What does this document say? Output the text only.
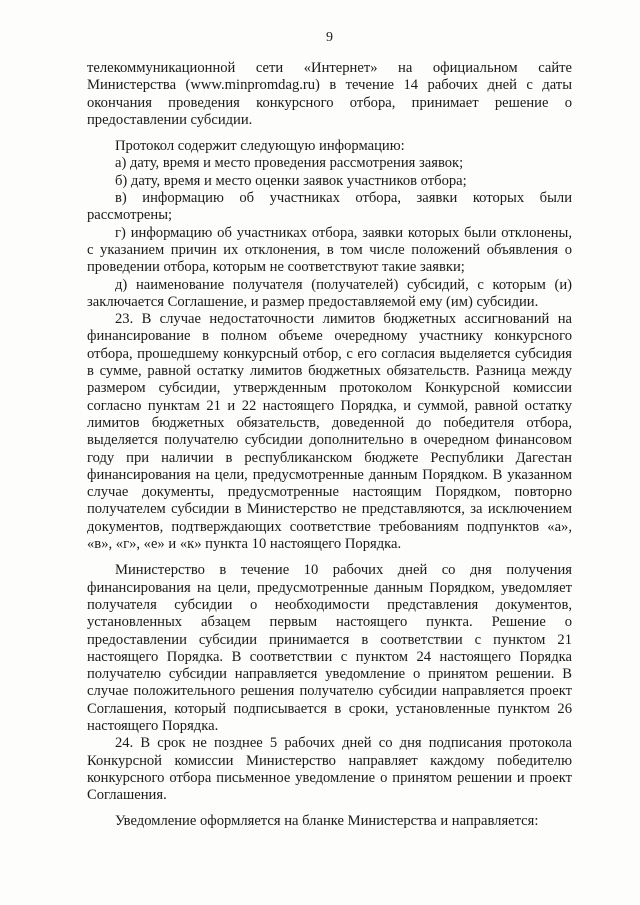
9

телекоммуникационной сети «Интернет» на официальном сайте Министерства (www.minpromdag.ru) в течение 14 рабочих дней с даты окончания проведения конкурсного отбора, принимает решение о предоставлении субсидии.

Протокол содержит следующую информацию:

а) дату, время и место проведения рассмотрения заявок;

б) дату, время и место оценки заявок участников отбора;

в) информацию об участниках отбора, заявки которых были рассмотрены;

г) информацию об участниках отбора, заявки которых были отклонены, с указанием причин их отклонения, в том числе положений объявления о проведении отбора, которым не соответствуют такие заявки;

д) наименование получателя (получателей) субсидий, с которым (и) заключается Соглашение, и размер предоставляемой ему (им) субсидии.

23. В случае недостаточности лимитов бюджетных ассигнований на финансирование в полном объеме очередному участнику конкурсного отбора, прошедшему конкурсный отбор, с его согласия выделяется субсидия в сумме, равной остатку лимитов бюджетных обязательств. Разница между размером субсидии, утвержденным протоколом Конкурсной комиссии согласно пунктам 21 и 22 настоящего Порядка, и суммой, равной остатку лимитов бюджетных обязательств, доведенной до победителя отбора, выделяется получателю субсидии дополнительно в очередном финансовом году при наличии в республиканском бюджете Республики Дагестан финансирования на цели, предусмотренные данным Порядком. В указанном случае документы, предусмотренные настоящим Порядком, повторно получателем субсидии в Министерство не представляются, за исключением документов, подтверждающих соответствие требованиям подпунктов «а», «в», «г», «е» и «к» пункта 10 настоящего Порядка.

Министерство в течение 10 рабочих дней со дня получения финансирования на цели, предусмотренные данным Порядком, уведомляет получателя субсидии о необходимости представления документов, установленных абзацем первым настоящего пункта. Решение о предоставлении субсидии принимается в соответствии с пунктом 21 настоящего Порядка. В соответствии с пунктом 24 настоящего Порядка получателю субсидии направляется уведомление о принятом решении. В случае положительного решения получателю субсидии направляется проект Соглашения, который подписывается в сроки, установленные пунктом 26 настоящего Порядка.

24. В срок не позднее 5 рабочих дней со дня подписания протокола Конкурсной комиссии Министерство направляет каждому победителю конкурсного отбора письменное уведомление о принятом решении и проект Соглашения.

Уведомление оформляется на бланке Министерства и направляется:
